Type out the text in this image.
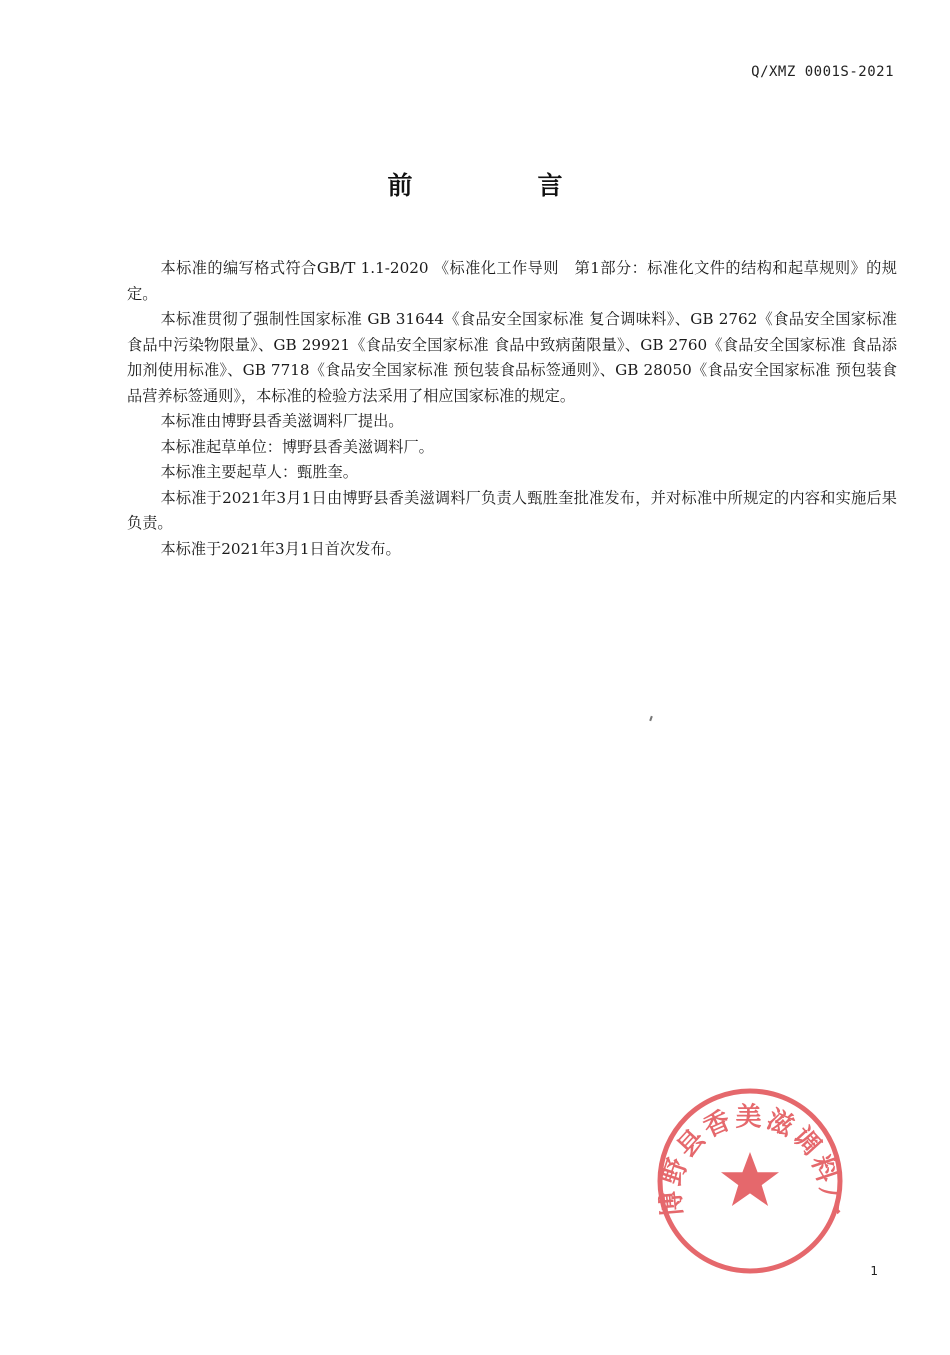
Q/XMZ 0001S-2021
前　言

本标准的编写格式符合GB/T 1.1-2020 《标准化工作导则　第1部分：标准化文件的结构和起草规则》的规定。

本标准贯彻了强制性国家标准 GB 31644《食品安全国家标准 复合调味料》、GB 2762《食品安全国家标准 食品中污染物限量》、GB 29921《食品安全国家标准 食品中致病菌限量》、GB 2760《食品安全国家标准 食品添加剂使用标准》、GB 7718《食品安全国家标准 预包装食品标签通则》、GB 28050《食品安全国家标准 预包装食品营养标签通则》，本标准的检验方法采用了相应国家标准的规定。

本标准由博野县香美滋调料厂提出。

本标准起草单位：博野县香美滋调料厂。

本标准主要起草人：甄胜奎。

本标准于2021年3月1日由博野县香美滋调料厂负责人甄胜奎批准发布，并对标准中所规定的内容和实施后果负责。

本标准于2021年3月1日首次发布。

博野县香美滋调料厂
1
